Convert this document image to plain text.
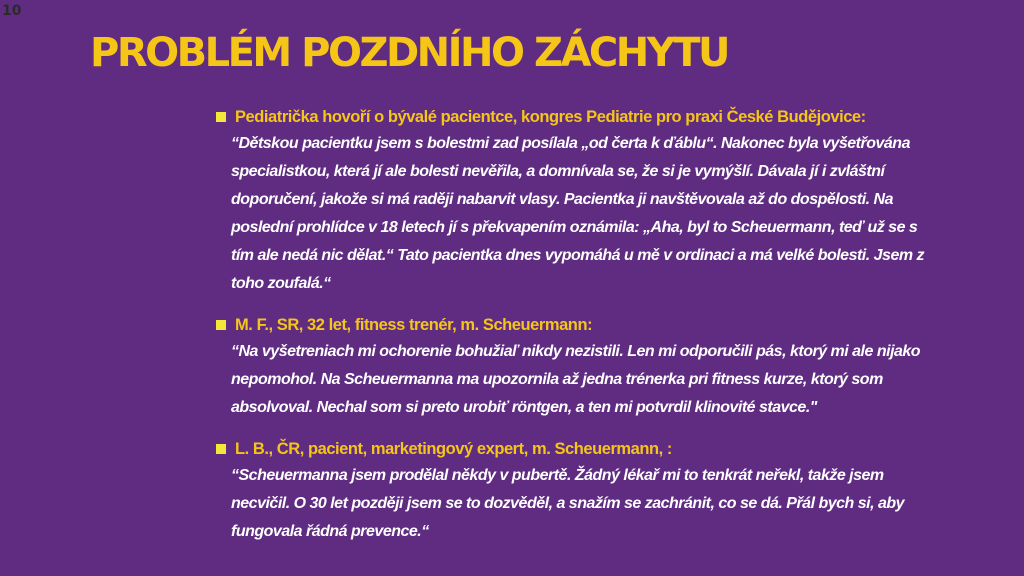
10
PROBLÉM POZDNÍHO ZÁCHYTU
Pediatrička hovoří o bývalé pacientce, kongres Pediatrie pro praxi České Budějovice:

“Dětskou pacientku jsem s bolestmi zad posílala „od čerta k ďáblu“. Nakonec byla vyšetřována specialistkou, která jí ale bolesti nevěřila, a domnívala se, že si je vymýšlí. Dávala jí i zvláštní doporučení, jakože si má raději nabarvit vlasy. Pacientka ji navštěvovala až do dospělosti. Na poslední prohlídce v 18 letech jí s překvapením oznámila: „Aha, byl to Scheuermann, teď už se s tím ale nedá nic dělat.“ Tato pacientka dnes vypomáhá u mě v ordinaci a má velké bolesti. Jsem z toho zoufalá.“

M. F., SR, 32 let, fitness trenér, m. Scheuermann:

“Na vyšetreniach mi ochorenie bohužiaľ nikdy nezistili. Len mi odporučili pás, ktorý mi ale nijako nepomohol. Na Scheuermanna ma upozornila až jedna trénerka pri fitness kurze, ktorý som absolvoval. Nechal som si preto urobiť röntgen, a ten mi potvrdil klinovité stavce."

L. B., ČR, pacient, marketingový expert, m. Scheuermann, :

“Scheuermanna jsem prodělal někdy v pubertě. Žádný lékař mi to tenkrát neřekl, takže jsem necvičil. O 30 let později jsem se to dozvěděl, a snažím se zachránit, co se dá. Přál bych si, aby fungovala řádná prevence.“
